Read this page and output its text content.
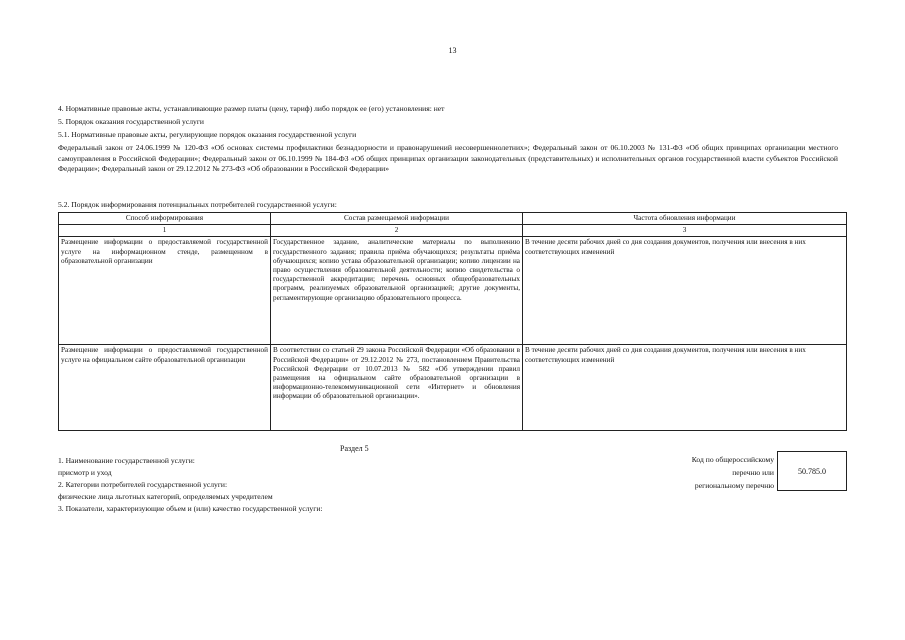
13
4. Нормативные правовые акты, устанавливающие размер платы (цену, тариф) либо порядок ее (его) установления: нет
5. Порядок оказания государственной услуги
5.1. Нормативные правовые акты, регулирующие порядок оказания государственной услуги
Федеральный закон от 24.06.1999 № 120-ФЗ «Об основах системы профилактики безнадзорности и правонарушений несовершеннолетних»; Федеральный закон от 06.10.2003 № 131-ФЗ «Об общих принципах организации местного самоуправления в Российской Федерации»; Федеральный закон от 06.10.1999 № 184-ФЗ «Об общих принципах организации законодательных (представительных) и исполнительных органов государственной власти субъектов Российской Федерации»; Федеральный закон от 29.12.2012 № 273-ФЗ «Об образовании в Российской Федерации»
5.2. Порядок информирования потенциальных потребителей государственной услуги:
Способ информирования	Состав размещаемой информации	Частота обновления информации
1	2	3
Размещение информации о предоставляемой государственной услуге на информационном стенде, размещенном в образовательной организации	Государственное задание, аналитические материалы по выполнению государственного задания; правила приёма обучающихся; результаты приёма обучающихся; копию устава образовательной организации; копию лицензии на право осуществления образовательной деятельности; копию свидетельства о государственной аккредитации; перечень основных общеобразовательных программ, реализуемых образовательной организацией; другие документы, регламентирующие организацию образовательного процесса.	В течение десяти рабочих дней со дня создания документов, получения или внесения в них соответствующих изменений
Размещение информации о предоставляемой государственной услуге на официальном сайте образовательной организации	В соответствии со статьей 29 закона Российской Федерации «Об образовании в Российской Федерации» от 29.12.2012 № 273, постановлением Правительства Российской Федерации от 10.07.2013 № 582 «Об утверждении правил размещения на официальном сайте образовательной организации в информационно-телекоммуникационной сети «Интернет» и обновления информации об образовательной организации».	В течение десяти рабочих дней со дня создания документов, получения или внесения в них соответствующих изменений
Раздел 5
1. Наименование государственной услуги:
присмотр и уход
2. Категории потребителей государственной услуги:
физические лица льготных категорий, определяемых учредителем
3. Показатели, характеризующие объем и (или) качество государственной услуги:
Код по общероссийскому
перечню или
региональному перечню
50.785.0
